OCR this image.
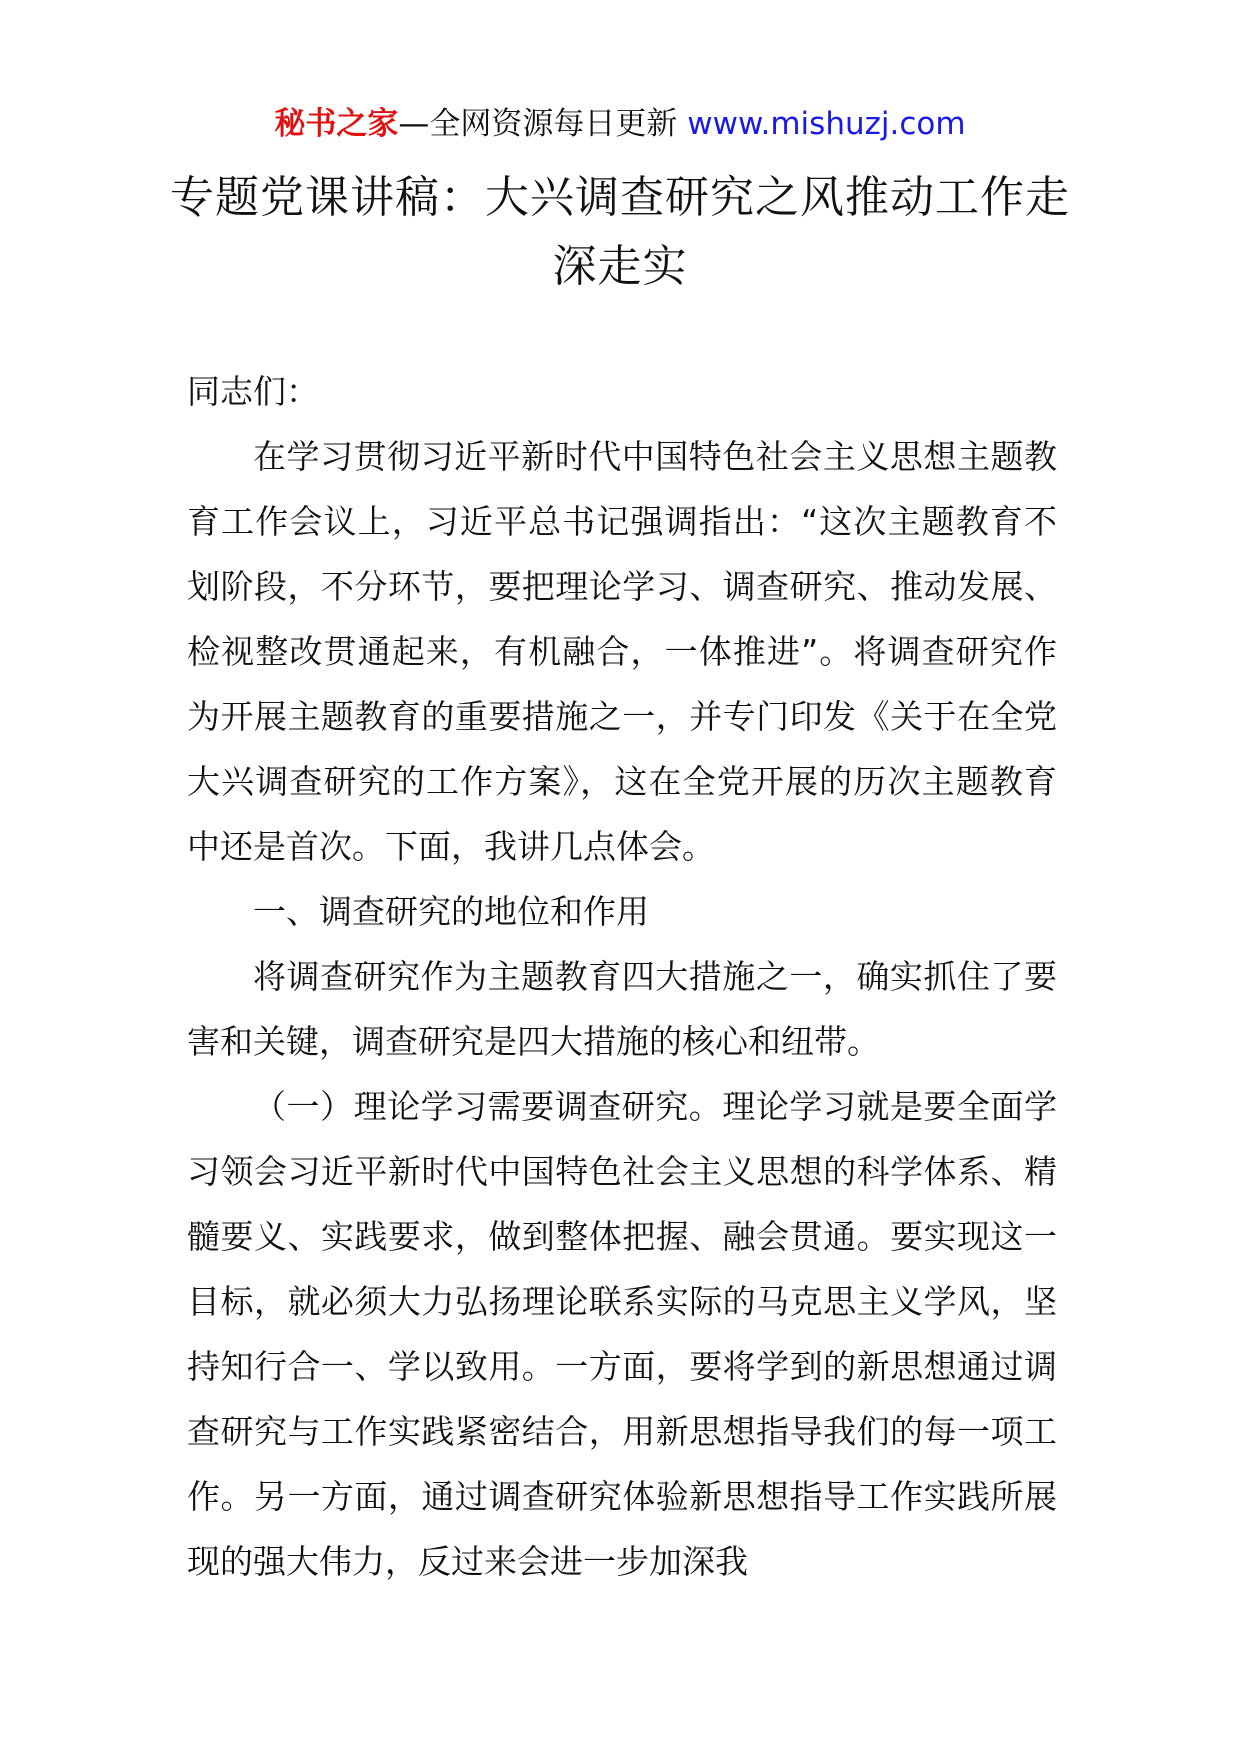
秘书之家—全网资源每日更新 www.mishuzj.com
专题党课讲稿：大兴调查研究之风推动工作走深走实

同志们：

在学习贯彻习近平新时代中国特色社会主义思想主题教育工作会议上，习近平总书记强调指出：“这次主题教育不划阶段，不分环节，要把理论学习、调查研究、推动发展、检视整改贯通起来，有机融合，一体推进”。将调查研究作为开展主题教育的重要措施之一，并专门印发《关于在全党大兴调查研究的工作方案》，这在全党开展的历次主题教育中还是首次。下面，我讲几点体会。

一、调查研究的地位和作用

将调查研究作为主题教育四大措施之一，确实抓住了要害和关键，调查研究是四大措施的核心和纽带。

（一）理论学习需要调查研究。理论学习就是要全面学习领会习近平新时代中国特色社会主义思想的科学体系、精髓要义、实践要求，做到整体把握、融会贯通。要实现这一目标，就必须大力弘扬理论联系实际的马克思主义学风，坚持知行合一、学以致用。一方面，要将学到的新思想通过调查研究与工作实践紧密结合，用新思想指导我们的每一项工作。另一方面，通过调查研究体验新思想指导工作实践所展现的强大伟力，反过来会进一步加深我
